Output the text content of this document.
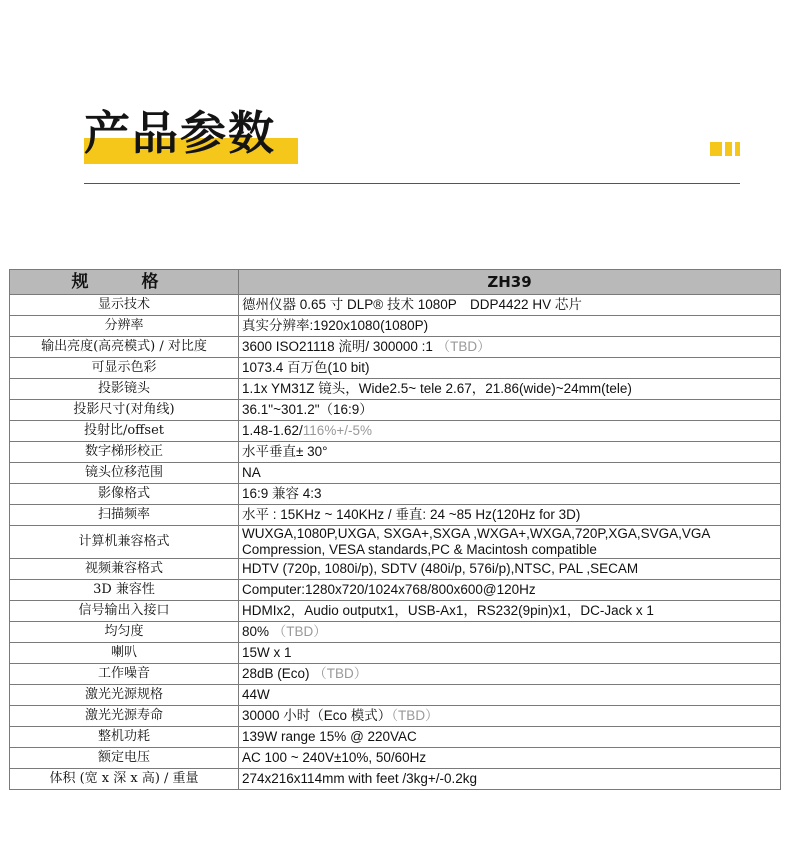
产品参数
规　格	ZH39
显示技术	德州仪器 0.65 寸 DLP® 技术 1080P　DDP4422 HV 芯片
分辨率	真实分辨率:1920x1080(1080P)
输出亮度(高亮模式) / 对比度	3600 ISO21118 流明/ 300000 :1 （TBD）
可显示色彩	1073.4 百万色(10 bit)
投影镜头	1.1x YM31Z 镜头，Wide2.5~ tele 2.67，21.86(wide)~24mm(tele)
投影尺寸(对角线)	36.1"~301.2"（16:9）
投射比/offset	1.48-1.62/116%+/-5%
数字梯形校正	水平垂直± 30°
镜头位移范围	NA
影像格式	16:9 兼容 4:3
扫描频率	水平 : 15KHz ~ 140KHz / 垂直: 24 ~85 Hz(120Hz for 3D)
计算机兼容格式	WUXGA,1080P,UXGA, SXGA+,SXGA ,WXGA+,WXGA,720P,XGA,SVGA,VGA Compression, VESA standards,PC & Macintosh compatible
视频兼容格式	HDTV (720p, 1080i/p), SDTV (480i/p, 576i/p),NTSC, PAL ,SECAM
3D 兼容性	Computer:1280x720/1024x768/800x600@120Hz
信号输出入接口	HDMIx2，Audio outputx1，USB-Ax1，RS232(9pin)x1，DC-Jack x 1
均匀度	80% （TBD）
喇叭	15W x 1
工作噪音	28dB (Eco) （TBD）
激光光源规格	44W
激光光源寿命	30000 小时（Eco 模式）（TBD）
整机功耗	139W range 15% @ 220VAC
额定电压	AC 100 ~ 240V±10%, 50/60Hz
体积 (宽 x 深 x 高) / 重量	274x216x114mm with feet /3kg+/-0.2kg
